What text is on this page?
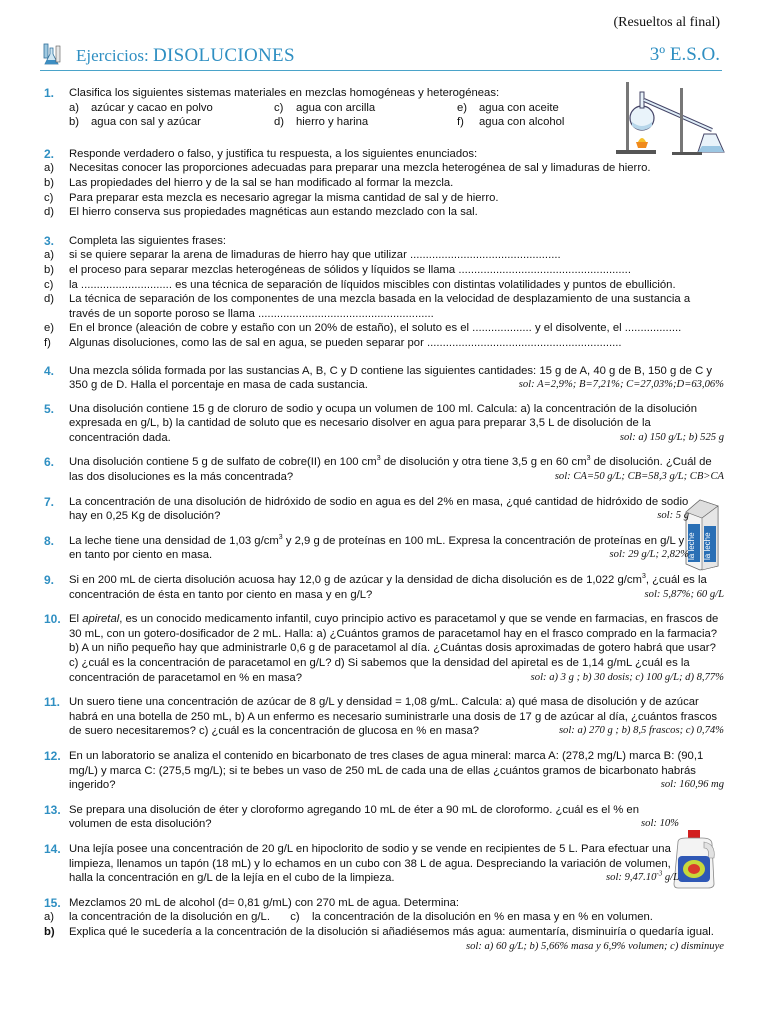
(Resueltos al final)
Ejercicios: DISOLUCIONES	3º E.S.O.
la leche la leche
1. Clasifica los siguientes sistemas materiales en mezclas homogéneas y heterogéneas:
a)	azúcar y cacao en polvo	c)	agua con arcilla	e)	agua con aceite
b)	agua con sal y azúcar	d)	hierro y harina	f)	agua con alcohol
2. Responde verdadero o falso, y justifica tu respuesta, a los siguientes enunciados:
a) Necesitas conocer las proporciones adecuadas para preparar una mezcla heterogénea de sal y limaduras de hierro.
b) Las propiedades del hierro y de la sal se han modificado al formar la mezcla.
c) Para preparar esta mezcla es necesario agregar la misma cantidad de sal y de hierro.
d) El hierro conserva sus propiedades magnéticas aun estando mezclado con la sal.
3. Completa las siguientes frases:
a) si se quiere separar la arena de limaduras de hierro hay que utilizar ................................................
b) el proceso para separar mezclas heterogéneas de sólidos y líquidos se llama .......................................................
c) la ............................. es una técnica de separación de líquidos miscibles con distintas volatilidades y puntos de ebullición.
d) La técnica de separación de los componentes de una mezcla basada en la velocidad de desplazamiento de una sustancia a través de un soporte poroso se llama ........................................................
e) En el bronce (aleación de cobre y estaño con un 20% de estaño), el soluto es el ................... y el disolvente, el ..................
f) Algunas disoluciones, como las de sal en agua, se pueden separar por ..............................................................
4. Una mezcla sólida formada por las sustancias A, B, C y D contiene las siguientes cantidades: 15 g de A, 40 g de B, 150 g de C y 350 g de D. Halla el porcentaje en masa de cada sustancia.	sol: A=2,9%; B=7,21%; C=27,03%;D=63,06%
5. Una disolución contiene 15 g de cloruro de sodio y ocupa un volumen de 100 ml. Calcula: a) la concentración de la disolución expresada en g/L, b) la cantidad de soluto que es necesario disolver en agua para preparar 3,5 L de disolución de la concentración dada.	sol: a) 150 g/L; b) 525 g
6. Una disolución contiene 5 g de sulfato de cobre(II) en 100 $cm^3$ de disolución y otra tiene 3,5 g en 60 $cm^3$ de disolución. ¿Cuál de las dos disoluciones es la más concentrada?	sol: CA=50 g/L; CB=58,3 g/L; CB>CA
7. La concentración de una disolución de hidróxido de sodio en agua es del 2% en masa, ¿qué cantidad de hidróxido de sodio hay en 0,25 Kg de disolución?	sol: 5 g
8. La leche tiene una densidad de 1,03 $g/cm^3$ y 2,9 g de proteínas en 100 mL. Expresa la concentración de proteínas en g/L y en tanto por ciento en masa.	sol: 29 g/L; 2,82%
9. Si en 200 mL de cierta disolución acuosa hay 12,0 g de azúcar y la densidad de dicha disolución es de 1,022 $g/cm^3$, ¿cuál es la concentración de ésta en tanto por ciento en masa y en g/L?	sol: 5,87%; 60 g/L
10. El apiretal, es un conocido medicamento infantil, cuyo principio activo es paracetamol y que se vende en farmacias, en frascos de 30 mL, con un gotero-dosificador de 2 mL. Halla: a) ¿Cuántos gramos de paracetamol hay en el frasco comprado en la farmacia? b) A un niño pequeño hay que administrarle 0,6 g de paracetamol al día. ¿Cuántas dosis aproximadas de gotero habrá que usar? c) ¿cuál es la concentración de paracetamol en g/L? d) Si sabemos que la densidad del apiretal es de 1,14 g/mL ¿cuál es la concentración de paracetamol en % en masa?	sol: a) 3 g ; b) 30 dosis; c) 100 g/L; d) 8,77%
11. Un suero tiene una concentración de azúcar de 8 g/L y densidad = 1,08 g/mL. Calcula: a) qué masa de disolución y de azúcar habrá en una botella de 250 mL, b) A un enfermo es necesario suministrarle una dosis de 17 g de azúcar al día, ¿cuántos frascos de suero necesitaremos? c) ¿cuál es la concentración de glucosa en % en masa?	sol: a) 270 g ; b) 8,5 frascos; c) 0,74%
12. En un laboratorio se analiza el contenido en bicarbonato de tres clases de agua mineral: marca A: (278,2 mg/L) marca B: (90,1 mg/L) y marca C: (275,5 mg/L); si te bebes un vaso de 250 mL de cada una de ellas ¿cuántos gramos de bicarbonato habrás ingerido?	sol: 160,96 mg
13. Se prepara una disolución de éter y cloroformo agregando 10 mL de éter a 90 mL de cloroformo. ¿cuál es el % en volumen de esta disolución?	sol: 10%
14. Una lejía posee una concentración de 20 g/L en hipoclorito de sodio y se vende en recipientes de 5 L. Para efectuar una limpieza, llenamos un tapón (18 mL) y lo echamos en un cubo con 38 L de agua. Despreciando la variación de volumen, halla la concentración en g/L de la lejía en el cubo de la limpieza.	sol: $9,47.10^{-3}$ g/L
15. Mezclamos 20 mL de alcohol (d= 0,81 g/mL) con 270 mL de agua. Determina:
a) la concentración de la disolución en g/L. c) la concentración de la disolución en % en masa y en % en volumen.
b) Explica qué le sucedería a la concentración de la disolución si añadiésemos más agua: aumentaría, disminuiría o quedaría igual.
sol: a) 60 g/L; b) 5,66% masa y 6,9% volumen; c) disminuye
